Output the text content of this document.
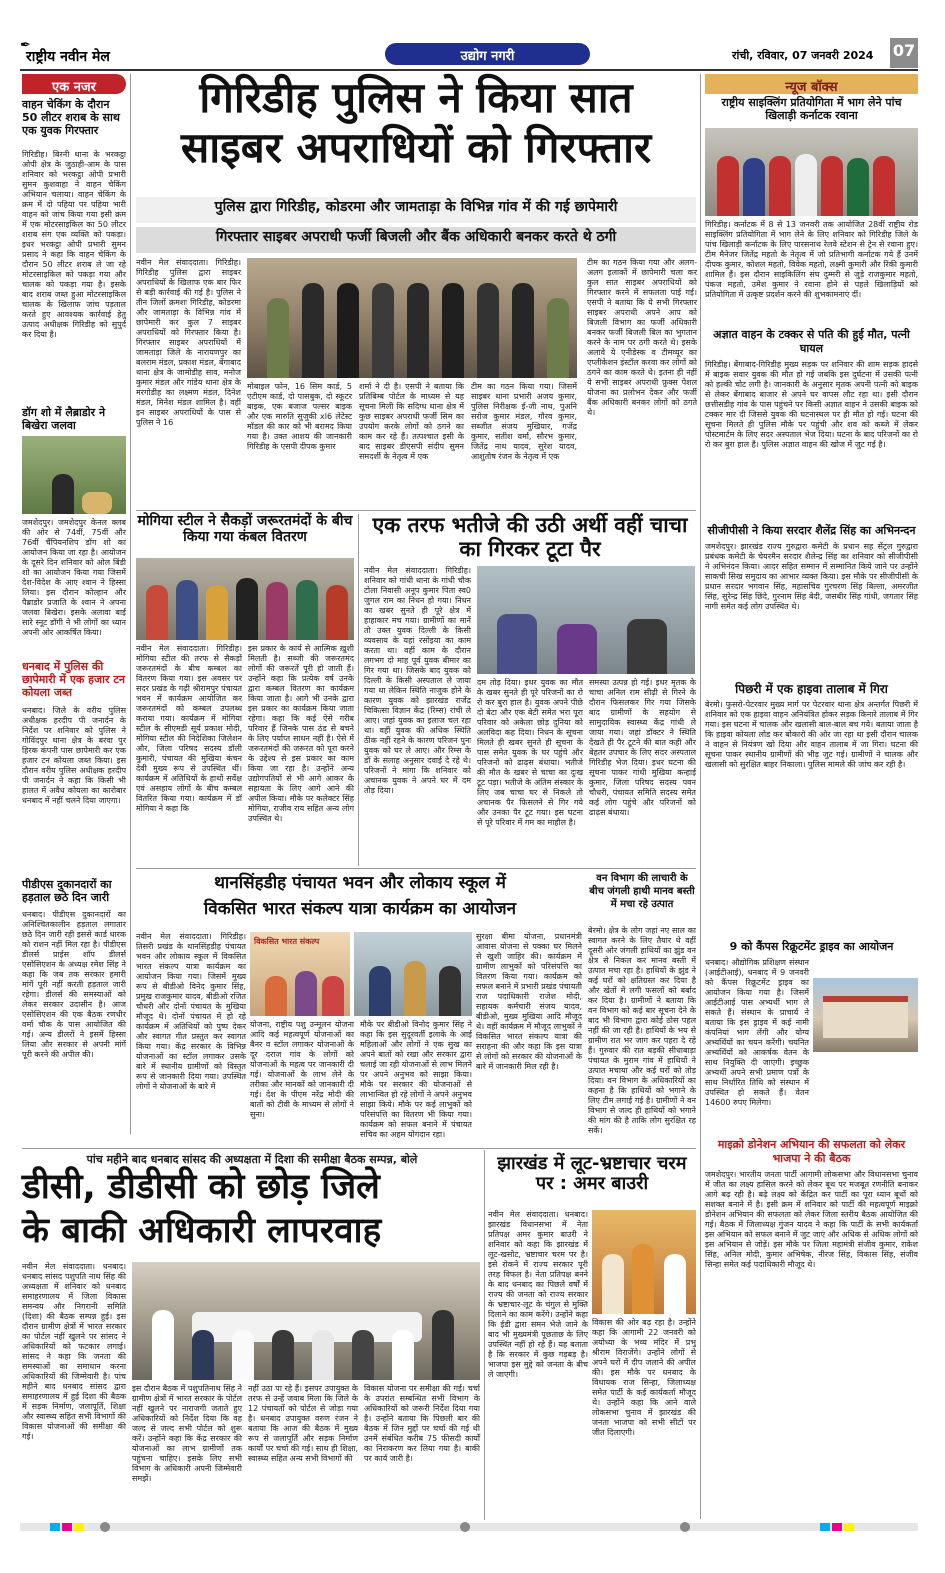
✒
राष्ट्रीय नवीन मेल	उद्योग नगरी	रांची, रविवार, 07 जनवरी 2024 07
एक नजर
वाहन चेकिंग के दौरान 50 लीटर शराब के साथ एक युवक गिरफ्तार
गिरिडीह। बिरनी थाना के भरकट्ठा ओपी क्षेत्र के जुठाही-आम के पास शनिवार को भरकट्ठा ओपी प्रभारी सुमन कुशवाहा ने वाहन चेकिंग अभियान चलाया। वाहन चेकिंग के क्रम में दो पहिया पर पहिया भारी वाहन को जांच किया गया इसी क्रम में एक मोटरसाइकिल का 50 लीटर शराब संग एक व्यक्ति को पकड़ा। इधर भरकट्ठा ओपी प्रभारी सुमन प्रसाद ने कहा कि वाहन चेकिंग के दौरान 50 लीटर शराब ले जा रहे मोटरसाइकिल को पकड़ा गया और चालक को पकड़ा गया है। इसके बाद शराब जब्त हुआ मोटरसाइकिल चालक के खिलाफ जांच पड़ताल करते हुए आवश्यक कार्रवाई हेतु उत्पाद अधीक्षक गिरिडीह को सुपुर्द कर दिया है।
डॉग शो में लैब्राडोर ने बिखेरा जलवा
जमशेदपुर। जमशेदपुर केनल क्लब की ओर से 74वीं, 75वीं और 76वीं चैंपियनशिप डॉग शो का आयोजन किया जा रहा है। आयोजन के दूसरे दिन शनिवार को ओल बिंडी शो का आयोजन किया गया जिसमें देश-विदेश के आए श्वान ने हिस्सा लिया। इस दौरान कोल्हान और पैब्राडोर प्रजाति के श्वान ने अपना जलवा बिखेरा। इसके अलावा बाई सारे स्नूट डॉगी ने भी लोगों का ध्यान अपनी ओर आकर्षित किया।
धनबाद में पुलिस की छापेमारी में एक हजार टन कोयला जब्त
धनबाद। जिले के वरीय पुलिस अधीक्षक हरदीप पी जनार्दन के निर्देश पर शनिवार को पुलिस ने गोविंदपुर थाना क्षेत्र के बरवा पुर हिरक कंपनी पास छापेमारी कर एक हजार टन कोयला जब्त किया। इस दौरान वरीय पुलिस अधीक्षक हरदीप पी जनार्दन ने कहा कि किसी भी हालत में अवैध कोयला का कारोबार धनबाद में नहीं चलने दिया जाएगा।
पीडीएस दुकानदारों का हड़ताल छठे दिन जारी
धनबाद। पीडीएस दुकानदारों का अनिश्चितकालीन हड़ताल लगातार छठे दिन जारी रही इससे कार्ड धारक को राशन नहीं मिल रहा है। पीडीएस डीलर्स प्राईस शॉप डीलर्स एसोसिएशन के अध्यक्ष रमेश सिंह ने कहा कि जब तक सरकार हमारी मांगें पूरी नहीं करती हड़ताल जारी रहेगा। डीलर्स की समस्याओं को लेकर सरकार उदासीन है। आज एसोसिएशन की एक बैठक रणधीर वर्मा चौक के पास आयोजित की गई। अन्य डीलरों ने इसमें हिस्सा लिया और सरकार से अपनी मांगें पूरी करने की अपील की।
गिरिडीह पुलिस ने किया सात
साइबर अपराधियों को गिरफ्तार
पुलिस द्वारा गिरिडीह, कोडरमा और जामताड़ा के विभिन्न गांव में की गई छापेमारी
गिरफ्तार साइबर अपराधी फर्जी बिजली और बैंक अधिकारी बनकर करते थे ठगी
नवीन मेल संवाददाता। गिरिडीह। गिरिडीह पुलिस द्वारा साइबर अपराधियों के खिलाफ एक बार फिर से बड़ी कार्रवाई की गई है। पुलिस ने तीन जिलों क्रमशः गिरिडीह, कोडरमा और जामताड़ा के विभिन्न गांव में छापेमारी कर कुल 7 साइबर अपराधियों को गिरफ्तार किया है। गिरफ्तार साइबर अपराधियों में जामताड़ा जिले के नारायणपुर का बलराम मंडल, प्रकाश मंडल, बेंगाबाद थाना क्षेत्र के जामोडीह साव, मनोज कुमार मंडल और गांडेय थाना क्षेत्र के मरगोडीह का लक्ष्मण मंडल, दिनेश मंडल, मिनेश मंडल शामिल है। वहीं इन साइबर अपराधियों के पास से पुलिस ने 16
मोबाइल फोन, 16 सिम कार्ड, 5 एटीएम कार्ड, दो पासबुक, दो स्कूटर बाइक, एक बजाज पल्सर बाइक और एक मारुति सुजुकी xl6 लेटेस्ट मॉडल की कार को भी बरामद किया गया है। उक्त आशय की जानकारी गिरिडीह के एसपी दीपक कुमार
शर्मा ने दी है। एसपी ने बताया कि प्रतिबिम्ब पोर्टल के माध्यम से यह सूचना मिली कि सदिग्ध थाना क्षेत्र में कुछ साइबर अपराधी फर्जी सिम का उपयोग करके लोगों को ठगने का काम कर रहे हैं। तत्पश्चात इसी के बाद साइबर डीएसपी संदीप सुमन समदर्शी के नेतृत्व में एक
टीम का गठन किया गया। जिसमें साइबर थाना प्रभारी अजय कुमार, पुलिस निरीक्षक ई-जी नाथ, पुअनि सरोज कुमार मंडल, गौरव कुमार, सब्जीत संजय मुखियार, गजेंद्र कुमार, सतीश वर्मा, सौरभ कुमार, जितेंद्र नाथ यादव, सुरेश यादव, आशुतोष रंजन के नेतृत्व में एक
टीम का गठन किया गया और अलग-अलग इलाकों में छापेमारी चला कर कुल सात साइबर अपराधियों को गिरफ्तार करने में सफलता पाई गई। एसपी ने बताया कि ये सभी गिरफ्तार साइबर अपराधी अपने आप को बिजली विभाग का फर्जी अधिकारी बनकर फर्जी बिजली बिल का भुगतान करने के नाम पर ठगी करते थे। इसके अलावे ये एनीडेस्क व टीमव्यूर का एप्लीकेशन इंस्टॉल करवा कर लोगों को ठगने का काम करते थे। इतना ही नहीं ये सभी साइबर अपराधी फ़ुक्स पेशल योजना का प्रलोभन देकर और फर्जी बैंक अधिकारी बनकर लोगों को ठगते थे।
मोगिया स्टील ने सैकड़ों जरूरतमंदों के बीच किया गया कंबल वितरण
नवीन मेल संवाददाता। गिरिडीह। मोगिया स्टील की तरफ से सैकड़ों जरूरतमंदों के बीच कम्बल का वितरण किया गया। इस अवसर पर सदर प्रखंड के गढ़ी श्रीरामपुर पंचायत भवन में कार्यक्रम आयोजित कर जरूरतमंदों को कम्बल उपलब्ध कराया गया। कार्यक्रम में मोगिया स्टील के सीएमडी सूर्य प्रकाश मोदी, मोगिया स्टील की निदेशिका जिलेशन और, जिला परिषद सदस्य डॉली कुमारी, पंचायत की मुखिया कंचन देवी मुख्य रूप से उपस्थित थीं। कार्यक्रम में अतिथियों के हाथों सर्वेक्ष एवं असहाय लोगों के बीच कम्बल वितरित किया गया। कार्यक्रम में डॉ मोगिया ने कहा कि
इस प्रकार के कार्य से आत्मिक ख़ुशी मिलती है। सब्जी की जरूरतमंद लोगों की जरूरतें पूरी हो जाती हैं। उन्होंने कहा कि प्रत्येक वर्ष उनके द्वारा कम्बल वितरण का कार्यक्रम किया जाता है। आगे भी उनके द्वारा इस प्रकार का कार्यक्रम किया जाता रहेगा। कहा कि कई ऐसे गरीब परिवार हैं जिनके पास ठंड से बचने के लिए पर्याप्त साधन नहीं है। ऐसे में जरूरतमंदों की जरूरत को पूरा करने के उद्देश्य से इस प्रकार का काम किया जा रहा है। उन्होंने अन्य उद्योगपतियों से भी आगे आकर के सहायता के लिए आगे आने की अपील किया। मौके पर कलेक्टर सिंह मोगिया, राजीव राय सहित अन्य लोग उपस्थित थे।
एक तरफ भतीजे की उठी अर्थी वहीं चाचा का गिरकर टूटा पैर
नवीन मेल संवाददाता। गिरिडीह। शनिवार को गांधी थाना के गांधी चौक टोला निवासी अनूप कुमार पिता स्व0 जुगल राम का निधन हो गया। निधन का खबर सुनते ही पूरे क्षेत्र में हाहाकार मच गया। ग्रामीणों का मानें तो उक्त युवक दिल्ली के किसी व्यवसाय के यहां रसोइया का काम करता था। वहीं काम के दौरान लगभग दो माह पूर्व युवक बीमार का गिर गया था। जिसके बाद युवक को दिल्ली के किसी अस्पताल ले जाया गया था लेकिन स्थिति नाजुक होने के कारण युवक को झारखंड राजेंद्र चिकित्सा विज्ञान केंद्र (रिम्स) रांची ले आए। जहां युवक का इलाज चल रहा था। वहीं युवक की अधिक स्थिति ठीक नहीं रहने के कारण परिजन पुनः युवक को घर ले आए। और रिम्स के डॉ के सलाह अनुसार दवाई दे रहे थे। परिजनों ने मांगा कि शनिवार को अचानक युवक ने अपने घर में दम तोड़ दिया।
दम तोड़ दिया। इधर युवक का मौत के खबर सुनते ही पूरे परिजनों का रो रो कर बुरा हाल है। युवक अपने पीछे दो बेटा और एक बेटी समेत भरा पूरा परिवार को अकेला छोड़ दुनिया को अलविदा कह दिया। निधन के सूचना मिलते ही खबर सुनते ही सूचना के पास समेत युवक के घर पहुंचे और परिजनों को ढाढ़स बंधाया। भतीजे की मौत के खबर से चाचा का दुःख टूट पड़ा। भतीजे के अंतिम संस्कार के लिए जब चाचा घर से निकले तो अचानक पैर फिसलने से गिर गये और उनका पैर टूट गया। इस घटना से पूरे परिवार में गम का माहौल है।
समस्या उत्पन्न हो गई। इधर मृतक के चाचा अनिल राम सीढ़ी से गिरने के दौरान फिसलकर गिर गया जिसके बाद ग्रामीणों के सहयोग से सामुदायिक स्वास्थ्य केंद्र गांधी ले जाया गया। जहां डॉक्टर ने स्थिति देखते ही पैर टूटने की बात कही और बेहतर उपचार के लिए सदर अस्पताल गिरिडीह भेज दिया। इधर घटना की सूचना पाकर गांधी मुखिया कन्हाई कुमार, जिला परिषद सदस्य पवन चौधरी, पंचायत समिति सदस्य समेत कई लोग पहुंचे और परिजनों को ढाढ़स बंधाया।
वन विभाग की लाचारी के बीच जंगली हाथी मानव बस्ती में मचा रहे उत्पात
बेरमो। क्षेत्र के लोग जहां नए साल का स्वागत करने के लिए तैयार थे वहीं दूसरी ओर जंगली हाथियों का झुंड वन क्षेत्र से निकल कर मानव बस्ती में उत्पात मचा रहा है। हाथियों के झुंड ने कई घरों को क्षतिग्रस्त कर दिया है और खेतों में लगी फसलों को बर्बाद कर दिया है। ग्रामीणों ने बताया कि वन विभाग को कई बार सूचना देने के बाद भी विभाग द्वारा कोई ठोस पहल नहीं की जा रही है। हाथियों के भय से ग्रामीण रात भर जाग कर पहरा दे रहे हैं। गुरुवार की रात बड़की सीधाबाड़ा पंचायत के मुराम गांव में हाथियों ने उत्पात मचाया और कई घरों को तोड़ दिया। वन विभाग के अधिकारियों का कहना है कि हाथियों को भगाने के लिए टीम लगाई गई है। ग्रामीणों ने वन विभाग से जल्द ही हाथियों को भगाने की मांग की है ताकि लोग सुरक्षित रह सकें।
थानसिंहडीह पंचायत भवन और लोकाय स्कूल में
विकसित भारत संकल्प यात्रा कार्यक्रम का आयोजन
नवीन मेल संवाददाता। गिरिडीह। तिसरी प्रखंड के थानसिंहडीह पंचायत भवन और लोकाय स्कूल में विकसित भारत संकल्प यात्रा कार्यक्रम का आयोजन किया गया। जिसमें मुख्य रूप से बीडीओ विनेद कुमार सिंह, प्रमुख राजकुमार यादव, बीडीओ रजित चौधरी और दोनों पंचायत के मुखिया मौजूद थे। दोनों पंचायत में हो रहे कार्यक्रम में अतिथियों को पुष्प देकर और स्वागत गीत प्रस्तुत कर स्वागत किया गया। केंद्र सरकार के विभिन्न योजनाओं का स्टॉल लगाकर उसके बारे में स्थानीय ग्रामीणों को विस्तृत रूप से जानकारी दिया गया। उपस्थित लोगों ने योजनाओं के बारे में
विकसित भारत संकल्प
योजना, राष्ट्रीय पशु उन्मूलन योजना आदि कई महत्वपूर्ण योजनाओं का बैनर व स्टॉल लगाकर योजनाओं के दूर दराज गांव के लोगों को योजनाओं के महत्व पर जानकारी दी गई। योजनाओं के लाभ लेने के तरीका और मानकों को जानकारी दी गई। देश के पीएम नरेंद्र मोदी की बातों को टीवी के माध्यम से लोगों ने सुना।
मौके पर बीडीओ विनोद कुमार सिंह ने कहा कि इस सुदूरवर्ती इलाके के आई महिलाओं और लोगों ने एक सुख का अपने बातों को रखा और सरकार द्वारा चलाई जा रही योजनाओं से लाभ मिलने पर अपने अनुभव को साझा किया। मौके पर सरकार की योजनाओं से लाभान्वित हो रहे लोगों ने अपने अनुभव साझा किये। मौके पर कई लाभुकों को परिसंपत्ति का वितरण भी किया गया। कार्यक्रम को सफल बनाने में पंचायत सचिव का अहम योगदान रहा।
सुरक्षा बीमा योजना, प्रधानमंत्री आवास योजना से पक्का घर मिलने से खुशी जाहिर की। कार्यक्रम में ग्रामीण लाभुकों को परिसंपत्ति का वितरण किया गया। कार्यक्रम को सफल बनाने में प्रभारी प्रखंड पंचायती राज पदाधिकारी राजेश मोदी, सहायक कर्मचारी संजय यादव, बीडीओ, मुख्य मुखिया आदि मौजूद थे। वहीं कार्यक्रम में मौजूद लाभुकों ने विकसित भारत संकल्प यात्रा की सराहना की और कहा कि इस यात्रा से लोगों को सरकार की योजनाओं के बारे में जानकारी मिल रही है।
पांच महीने बाद धनबाद सांसद की अध्यक्षता में दिशा की समीक्षा बैठक सम्पन्न, बोले
डीसी, डीडीसी को छोड़ जिले
के बाकी अधिकारी लापरवाह
नवीन मेल संवाददाता। धनबाद। धनबाद सांसद पशुपति नाथ सिंह की अध्यक्षता में शनिवार को धनबाद समाहरणालय में जिला विकास समन्वय और निगरानी समिति (दिशा) की बैठक सम्पन्न हुई। इस दौरान ग्रामीण क्षेत्रों में भारत सरकार का पोर्टल नहीं खुलने पर सांसद ने अधिकारियों को फटकार लगाई। सांसद ने कहा कि जनता की समस्याओं का समाधान करना अधिकारियों की जिम्मेवारी है। पांच महीने बाद धनबाद सांसद द्वारा समाहरणालय में हुई दिशा की बैठक में सड़क निर्माण, जलापूर्ति, शिक्षा और स्वास्थ्य सहित सभी विभागों की विकास योजनाओं की समीक्षा की गई।
इस दौरान बैठक में पशुपतिनाथ सिंह ने ग्रामीण क्षेत्रों में भारत सरकार के पोर्टल नहीं खुलने पर नाराजगी जताते हुए अधिकारियों को निर्देश दिया कि वह जल्द से जल्द सभी पोर्टल को शुरू करें। उन्होंने कहा कि केंद्र सरकार की योजनाओं का लाभ ग्रामीणों तक पहुंचना चाहिए। इसके लिए सभी विभाग के अधिकारी अपनी जिम्मेवारी समझें।
नहीं उठा पा रहे हैं। इसपर उपायुक्त के तरफ से उन्हें जवाब मिला कि जिले के 12 पंचायतों को पोर्टल से जोड़ा गया है। धनबाद उपायुक्त वरुण रंजन ने बताया कि आज की बैठक में मुख्य रूप से जलापूर्ति और सड़क निर्माण कार्यों पर चर्चा की गई। साथ ही शिक्षा, स्वास्थ्य सहित अन्य सभी विभागों की
विकास योजना पर समीक्षा की गई। चर्चा के उपरांत सम्बन्धित सभी विभाग के अधिकारियों को जरूरी निर्देश दिया गया है। उन्होंने बताया कि पिछली बार की बैठक में जिन मुद्दों पर चर्चा की गई थी उनमें संबंधित करीब 75 फीसदी कार्यों का निराकरण कर लिया गया है। बाकी पर कार्य जारी है।
झारखंड में लूट-भ्रष्टाचार चरम पर : अमर बाउरी
नवीन मेल संवाददाता। धनबाद। झारखंड विधानसभा में नेता प्रतिपक्ष अमर कुमार बाउरी ने शनिवार को कहा कि झारखंड में लूट-खसोट, भ्रष्टाचार चरम पर है। इसे रोकने में राज्य सरकार पूरी तरह विफल है। नेता प्रतिपक्ष बनने के बाद धनबाद का पिछले वर्षों में राज्य की जनता को राज्य सरकार के भ्रष्टाचार-लूट के चंगुल से मुक्ति दिलाने का काम करेंगे। उन्होंने कहा कि ईडी द्वारा समन भेजे जाने के बाद भी मुख्यमंत्री पूछताछ के लिए उपस्थित नहीं हो रहे हैं। यह बताता है कि सरकार में कुछ गड़बड़ है। भाजपा इस मुद्दे को जनता के बीच ले जाएगी।
विकास की ओर बढ़ रहा है। उन्होंने कहा कि आगामी 22 जनवरी को अयोध्या के भव्य मंदिर में प्रभु श्रीराम विराजेंगे। उन्होंने लोगों से अपने घरों में दीप जलाने की अपील की। इस मौके पर धनबाद के विधायक राज सिन्हा, जिलाध्यक्ष समेत पार्टी के कई कार्यकर्ता मौजूद थे। उन्होंने कहा कि आने वाले लोकसभा चुनाव में झारखंड की जनता भाजपा को सभी सीटों पर जीत दिलाएगी।
न्यूज बॉक्स
राष्ट्रीय साइक्लिंग प्रतियोगिता में भाग लेने पांच खिलाड़ी कर्नाटक रवाना
गिरिडीह। कर्नाटक में 8 से 13 जनवरी तक आयोजित 28वीं राष्ट्रीय रोड साइक्लिंग प्रतियोगिता में भाग लेने के लिए शनिवार को गिरिडीह जिले के पांच खिलाड़ी कर्नाटक के लिए पारसनाथ रेलवे स्टेशन से ट्रेन से रवाना हुए। टीम मैनेजर जितेंद्र महतो के नेतृत्व में जो प्रतिभागी कर्नाटक गये हैं उनमें दीपक कुमार, कोशल महतो, विवेक महतो, लक्ष्मी कुमारी और रिंकी कुमारी शामिल हैं। इस दौरान साइकिलिंग संघ दुम्मरी से जुड़े राजकुमार महतो, पंकज महतो, उमेश कुमार ने रवाना होने से पहले खिलाड़ियों को प्रतियोगिता में उत्कृष्ट प्रदर्शन करने की शुभकामनाएं दीं।
अज्ञात वाहन के टक्कर से पति की हुई मौत, पत्नी घायल
गिरिडीह। बेंगाबाद-गिरिडीह मुख्य सड़क पर शनिवार की शाम सड़क हादसे में बाइक सवार युवक की मौत हो गई जबकि इस दुर्घटना में उसकी पत्नी को हल्की चोट लगी है। जानकारी के अनुसार मृतक अपनी पत्नी को बाइक से लेकर बेंगाबाद बाजार से अपने घर वापस लौट रहा था। इसी दौरान छत्तीसडीह गांव के पास पहुंचने पर किसी अज्ञात वाहन ने उसकी बाइक को टक्कर मार दी जिससे युवक की घटनास्थल पर ही मौत हो गई। घटना की सूचना मिलते ही पुलिस मौके पर पहुंची और शव को कब्जे में लेकर पोस्टमार्टम के लिए सदर अस्पताल भेज दिया। घटना के बाद परिजनों का रो रो कर बुरा हाल है। पुलिस अज्ञात वाहन की खोज में जुट गई है।
सीजीपीसी ने किया सरदार शैलेंद्र सिंह का अभिनन्दन
जमशेदपुर। झारखंड राज्य गुरुद्वारा कमेटी के प्रधान सह सेंट्रल गुरुद्वारा प्रबंधक कमेटी के चेयरमैन सरदार शैलेन्द्र सिंह का शनिवार को सीजीपीसी ने अभिनंदन किया। आदर सहित सम्मान में सम्मानित किये जाने पर उन्होंने साकची सिख समुदाय का आभार व्यक्त किया। इस मौके पर सीजीपीसी के प्रधान सरदार भगवान सिंह, महासचिव गुरचरण सिंह बिल्ला, अमरजीत सिंह, सुरेन्द्र सिंह छिंदे, गुरनाम सिंह बेदी, जसबीर सिंह गांधी, जगतार सिंह नागी समेत कई लोग उपस्थित थे।
पिछरी में एक हाइवा तालाब में गिरा
बेरमो। फुसरो-पेटरवार मुख्य मार्ग पर पेटरवार थाना क्षेत्र अन्तर्गत पिछरी में शनिवार को एक हाइवा वाहन अनियंत्रित होकर सड़क किनारे तालाब में गिर गया। इस घटना में चालक और खलासी बाल-बाल बच गये। बताया जाता है कि हाइवा कोयला लोड कर बोकारो की ओर जा रहा था इसी दौरान चालक ने वाहन से नियंत्रण खो दिया और वाहन तालाब में जा गिरा। घटना की सूचना पाकर स्थानीय ग्रामीणों की भीड़ जुट गई। ग्रामीणों ने चालक और खलासी को सुरक्षित बाहर निकाला। पुलिस मामले की जांच कर रही है।
9 को कैंपस रिक्रूटमेंट ड्राइव का आयोजन
धनबाद। औद्योगिक प्रशिक्षण संस्थान (आईटीआई), धनबाद में 9 जनवरी को कैंपस रिक्रूटमेंट ड्राइव का आयोजन किया गया है। जिसमें आईटीआई पास अभ्यर्थी भाग ले सकते हैं। संस्थान के प्राचार्य ने बताया कि इस ड्राइव में कई नामी कंपनियां भाग लेंगी और योग्य अभ्यर्थियों का चयन करेंगी। चयनित अभ्यर्थियों को आकर्षक वेतन के साथ नियुक्ति दी जाएगी। इच्छुक अभ्यर्थी अपने सभी प्रमाण पत्रों के साथ निर्धारित तिथि को संस्थान में उपस्थित हो सकते हैं। वेतन 14600 रुपए मिलेगा।
माइक्रो डोनेशन अभियान की सफलता को लेकर भाजपा ने की बैठक
जमशेदपुर। भारतीय जनता पार्टी आगामी लोकसभा और विधानसभा चुनाव में जीत का लक्ष्य हासिल करने को लेकर बूथ पर मजबूत रणनीति बनाकर आगे बढ़ रही है। बढ़े लक्ष्य को केंद्रित कर पार्टी का पूरा ध्यान बूथों को सशक्त बनाने में है। इसी क्रम में शनिवार को पार्टी की महत्वपूर्ण माइक्रो डोनेशन अभियान की सफलता को लेकर जिला स्तरीय बैठक आयोजित की गई। बैठक में जिलाध्यक्ष गुंजन यादव ने कहा कि पार्टी के सभी कार्यकर्ता इस अभियान को सफल बनाने में जुट जाएं और अधिक से अधिक लोगों को इस अभियान से जोड़ें। इस मौके पर जिला महामंत्री संजीव कुमार, राकेश सिंह, अनिल मोदी, कुमार अभिषेक, नीरज सिंह, विकास सिंह, संजीव सिन्हा समेत कई पदाधिकारी मौजूद थे।
